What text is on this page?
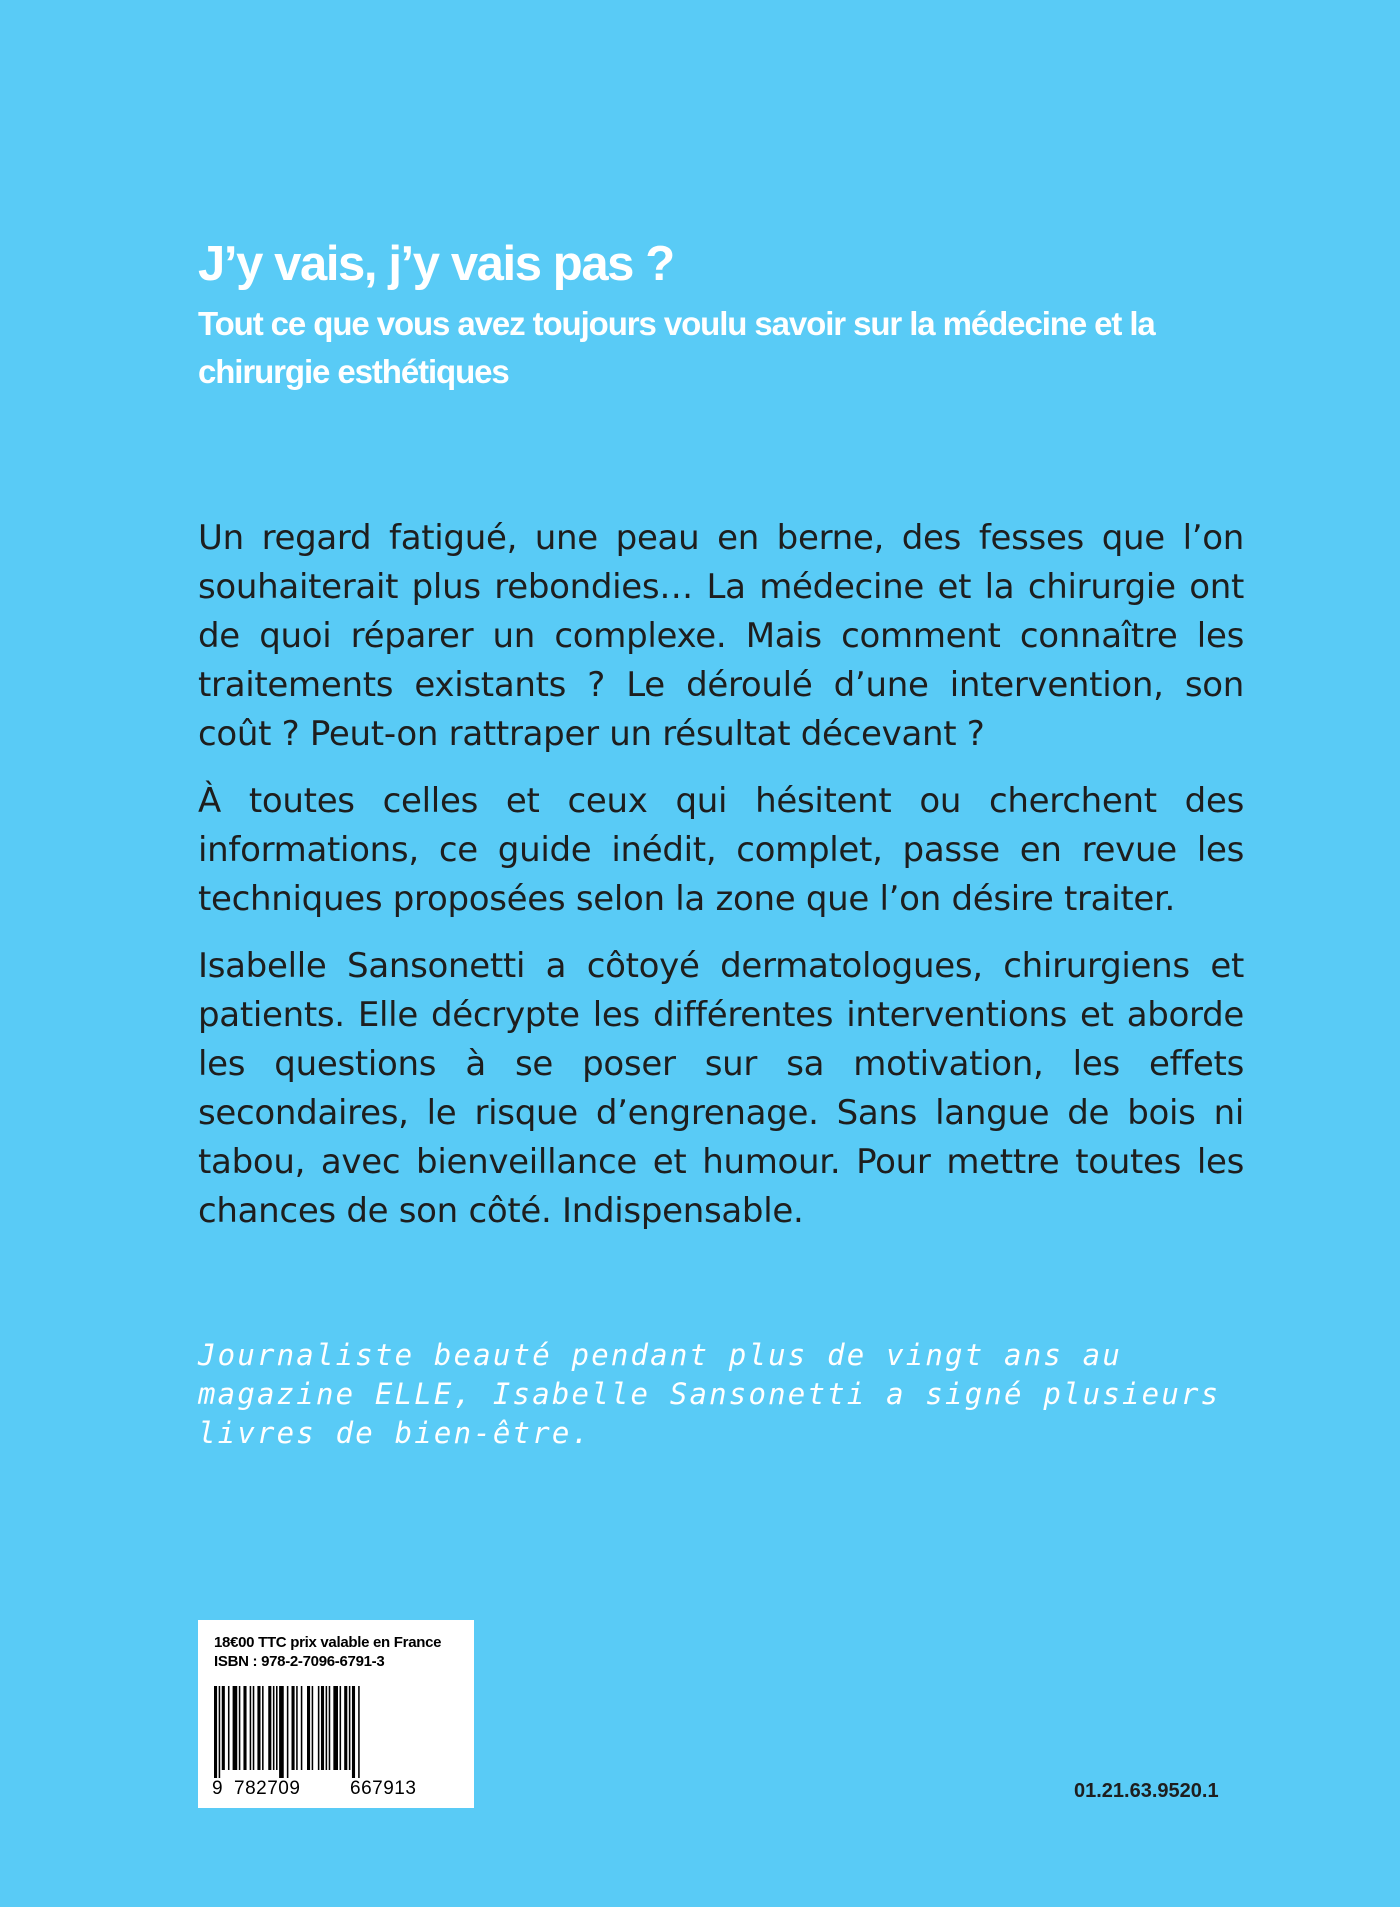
J’y vais, j’y vais pas ?
Tout ce que vous avez toujours voulu savoir sur la médecine et la chirurgie esthétiques

Un regard fatigué, une peau en berne, des fesses que l’on souhaiterait plus rebondies… La médecine et la chirurgie ont de quoi réparer un complexe. Mais comment connaître les traitements existants ? Le déroulé d’une intervention, son coût ? Peut-on rattraper un résultat décevant ?

À toutes celles et ceux qui hésitent ou cherchent des informations, ce guide inédit, complet, passe en revue les techniques proposées selon la zone que l’on désire traiter.

Isabelle Sansonetti a côtoyé dermatologues, chirurgiens et patients. Elle décrypte les différentes interventions et aborde les questions à se poser sur sa motivation, les effets secondaires, le risque d’engrenage. Sans langue de bois ni tabou, avec bienveillance et humour. Pour mettre toutes les chances de son côté. Indispensable.

Journaliste beauté pendant plus de vingt ans au magazine ELLE, Isabelle Sansonetti a signé plusieurs livres de bien-être.

18€00 TTC prix valable en France
ISBN : 978-2-7096-6791-3
9 782709	667913	01.21.63.9520.1
